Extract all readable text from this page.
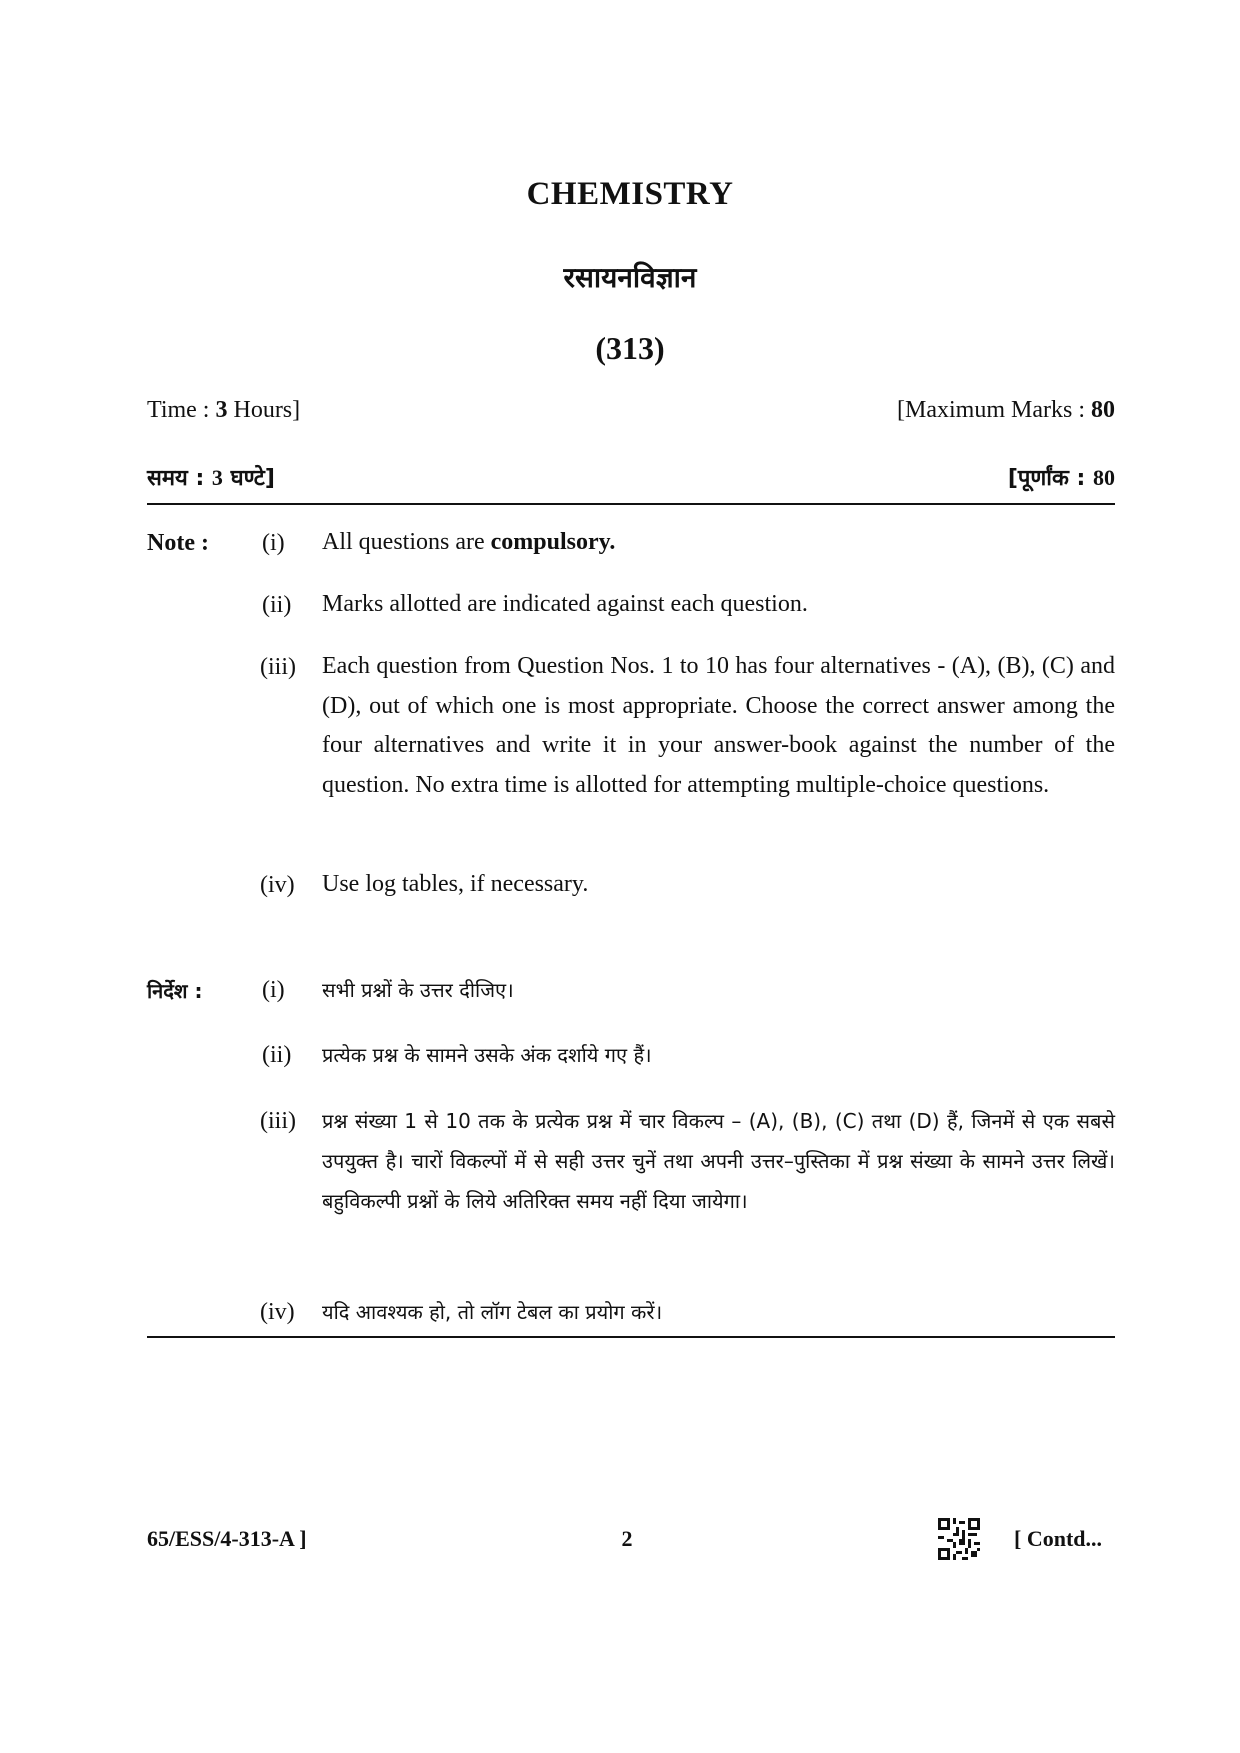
CHEMISTRY
रसायनविज्ञान
(313)
Time : 3 Hours]	[Maximum Marks : 80
समय : 3 घण्टे]	[पूर्णांक : 80
Note : (i) All questions are compulsory.
(ii) Marks allotted are indicated against each question.
(iii) Each question from Question Nos. 1 to 10 has four alternatives - (A), (B), (C) and (D), out of which one is most appropriate. Choose the correct answer among the four alternatives and write it in your answer-book against the number of the question. No extra time is allotted for attempting multiple-choice questions.
(iv) Use log tables, if necessary.
निर्देश : (i) सभी प्रश्नों के उत्तर दीजिए।
(ii) प्रत्येक प्रश्न के सामने उसके अंक दर्शाये गए हैं।
(iii) प्रश्न संख्या 1 से 10 तक के प्रत्येक प्रश्न में चार विकल्प – (A), (B), (C) तथा (D) हैं, जिनमें से एक सबसे उपयुक्त है। चारों विकल्पों में से सही उत्तर चुनें तथा अपनी उत्तर–पुस्तिका में प्रश्न संख्या के सामने उत्तर लिखें। बहुविकल्पी प्रश्नों के लिये अतिरिक्त समय नहीं दिया जायेगा।
(iv) यदि आवश्यक हो, तो लॉग टेबल का प्रयोग करें।
65/ESS/4-313-A ]	2	[ Contd...
